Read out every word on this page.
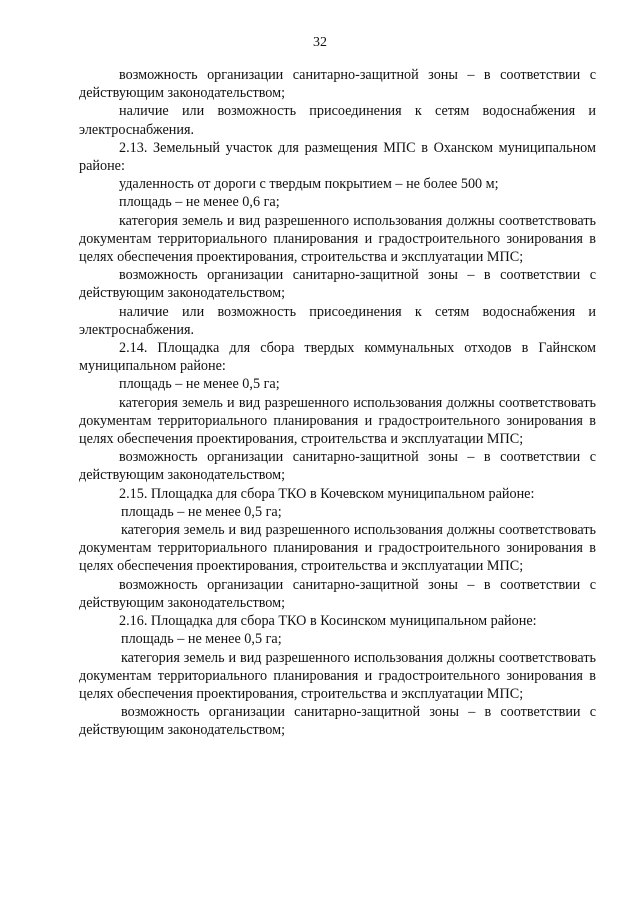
32

возможность организации санитарно-защитной зоны – в соответствии с действующим законодательством;

наличие или возможность присоединения к сетям водоснабжения и электроснабжения.

2.13. Земельный участок для размещения МПС в Оханском муниципальном районе:

удаленность от дороги с твердым покрытием – не более 500 м;

площадь – не менее 0,6 га;

категория земель и вид разрешенного использования должны соответствовать документам территориального планирования и градостроительного зонирования в целях обеспечения проектирования, строительства и эксплуатации МПС;

возможность организации санитарно-защитной зоны – в соответствии с действующим законодательством;

наличие или возможность присоединения к сетям водоснабжения и электроснабжения.

2.14. Площадка для сбора твердых коммунальных отходов в Гайнском муниципальном районе:

площадь – не менее 0,5 га;

категория земель и вид разрешенного использования должны соответствовать документам территориального планирования и градостроительного зонирования в целях обеспечения проектирования, строительства и эксплуатации МПС;

возможность организации санитарно-защитной зоны – в соответствии с действующим законодательством;

2.15. Площадка для сбора ТКО в Кочевском муниципальном районе:

площадь – не менее 0,5 га;

категория земель и вид разрешенного использования должны соответствовать документам территориального планирования и градостроительного зонирования в целях обеспечения проектирования, строительства и эксплуатации МПС;

возможность организации санитарно-защитной зоны – в соответствии с действующим законодательством;

2.16. Площадка для сбора ТКО в Косинском муниципальном районе:

площадь – не менее 0,5 га;

категория земель и вид разрешенного использования должны соответствовать документам территориального планирования и градостроительного зонирования в целях обеспечения проектирования, строительства и эксплуатации МПС;

возможность организации санитарно-защитной зоны – в соответствии с действующим законодательством;
